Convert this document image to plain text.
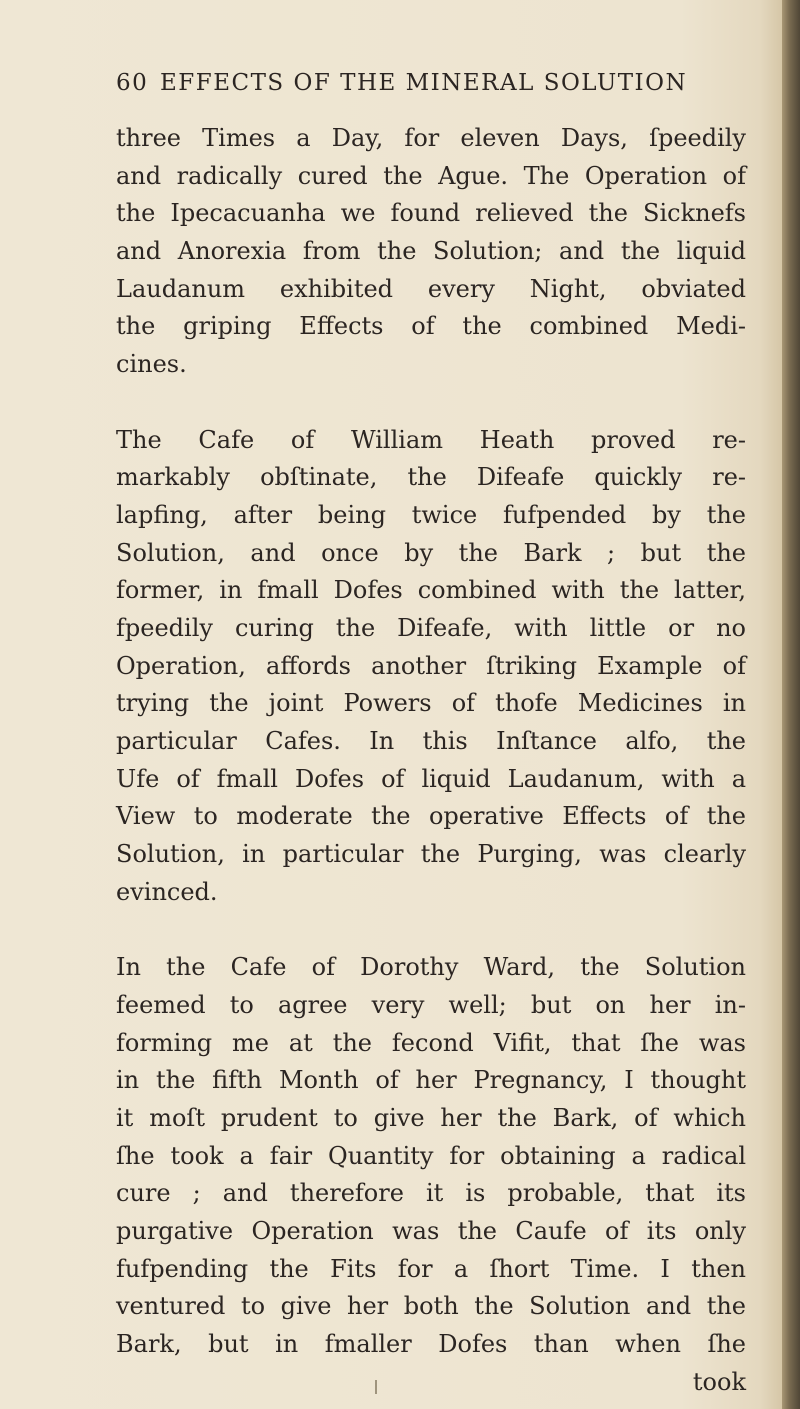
60 EFFECTS OF THE MINERAL SOLUTION
three Times a Day, for eleven Days, ſpeedily
and radically cured the Ague. The Operation of
the Ipecacuanha we found relieved the Sicknefs
and Anorexia from the Solution; and the liquid
Laudanum exhibited every Night, obviated
the griping Effects of the combined Medi-
cines.
The Cafe of William Heath proved re-
markably obſtinate, the Difeafe quickly re-
lapfing, after being twice fufpended by the
Solution, and once by the Bark ; but the
former, in fmall Dofes combined with the latter,
fpeedily curing the Difeafe, with little or no
Operation, affords another ſtriking Example of
trying the joint Powers of thofe Medicines in
particular Cafes. In this Inſtance alfo, the
Ufe of fmall Dofes of liquid Laudanum, with a
View to moderate the operative Effects of the
Solution, in particular the Purging, was clearly
evinced.
In the Cafe of Dorothy Ward, the Solution
feemed to agree very well; but on her in-
forming me at the fecond Vifit, that ſhe was
in the fifth Month of her Pregnancy, I thought
it moſt prudent to give her the Bark, of which
ſhe took a fair Quantity for obtaining a radical
cure ; and therefore it is probable, that its
purgative Operation was the Caufe of its only
fufpending the Fits for a ſhort Time. I then
ventured to give her both the Solution and the
Bark, but in fmaller Dofes than when ſhe
took
